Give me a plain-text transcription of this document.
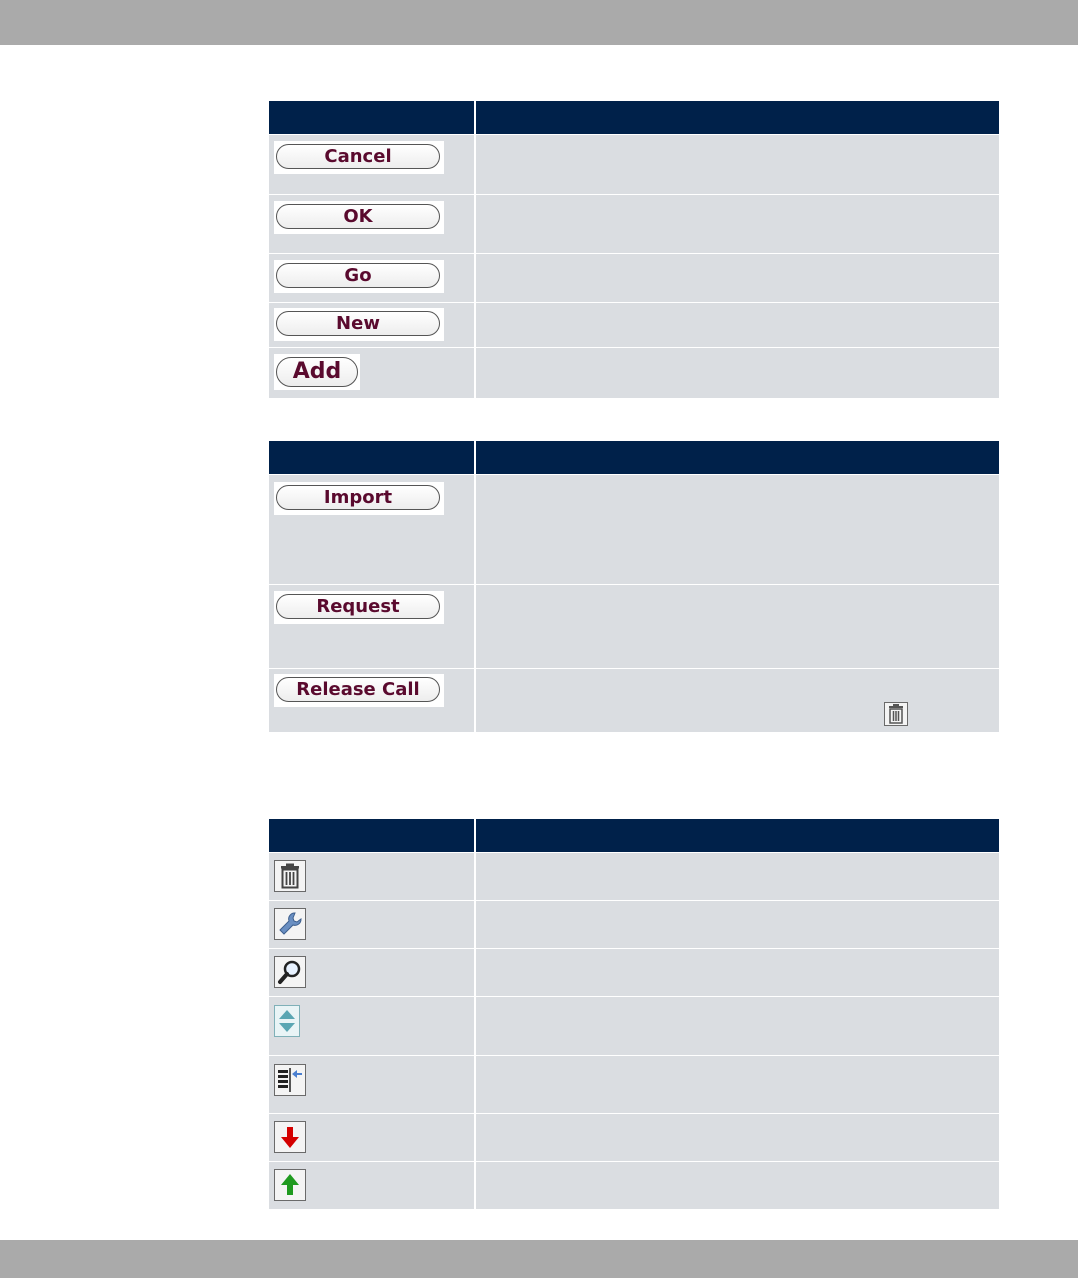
Cancel
OK
Go
New
Add
Import
Request
Release Call
